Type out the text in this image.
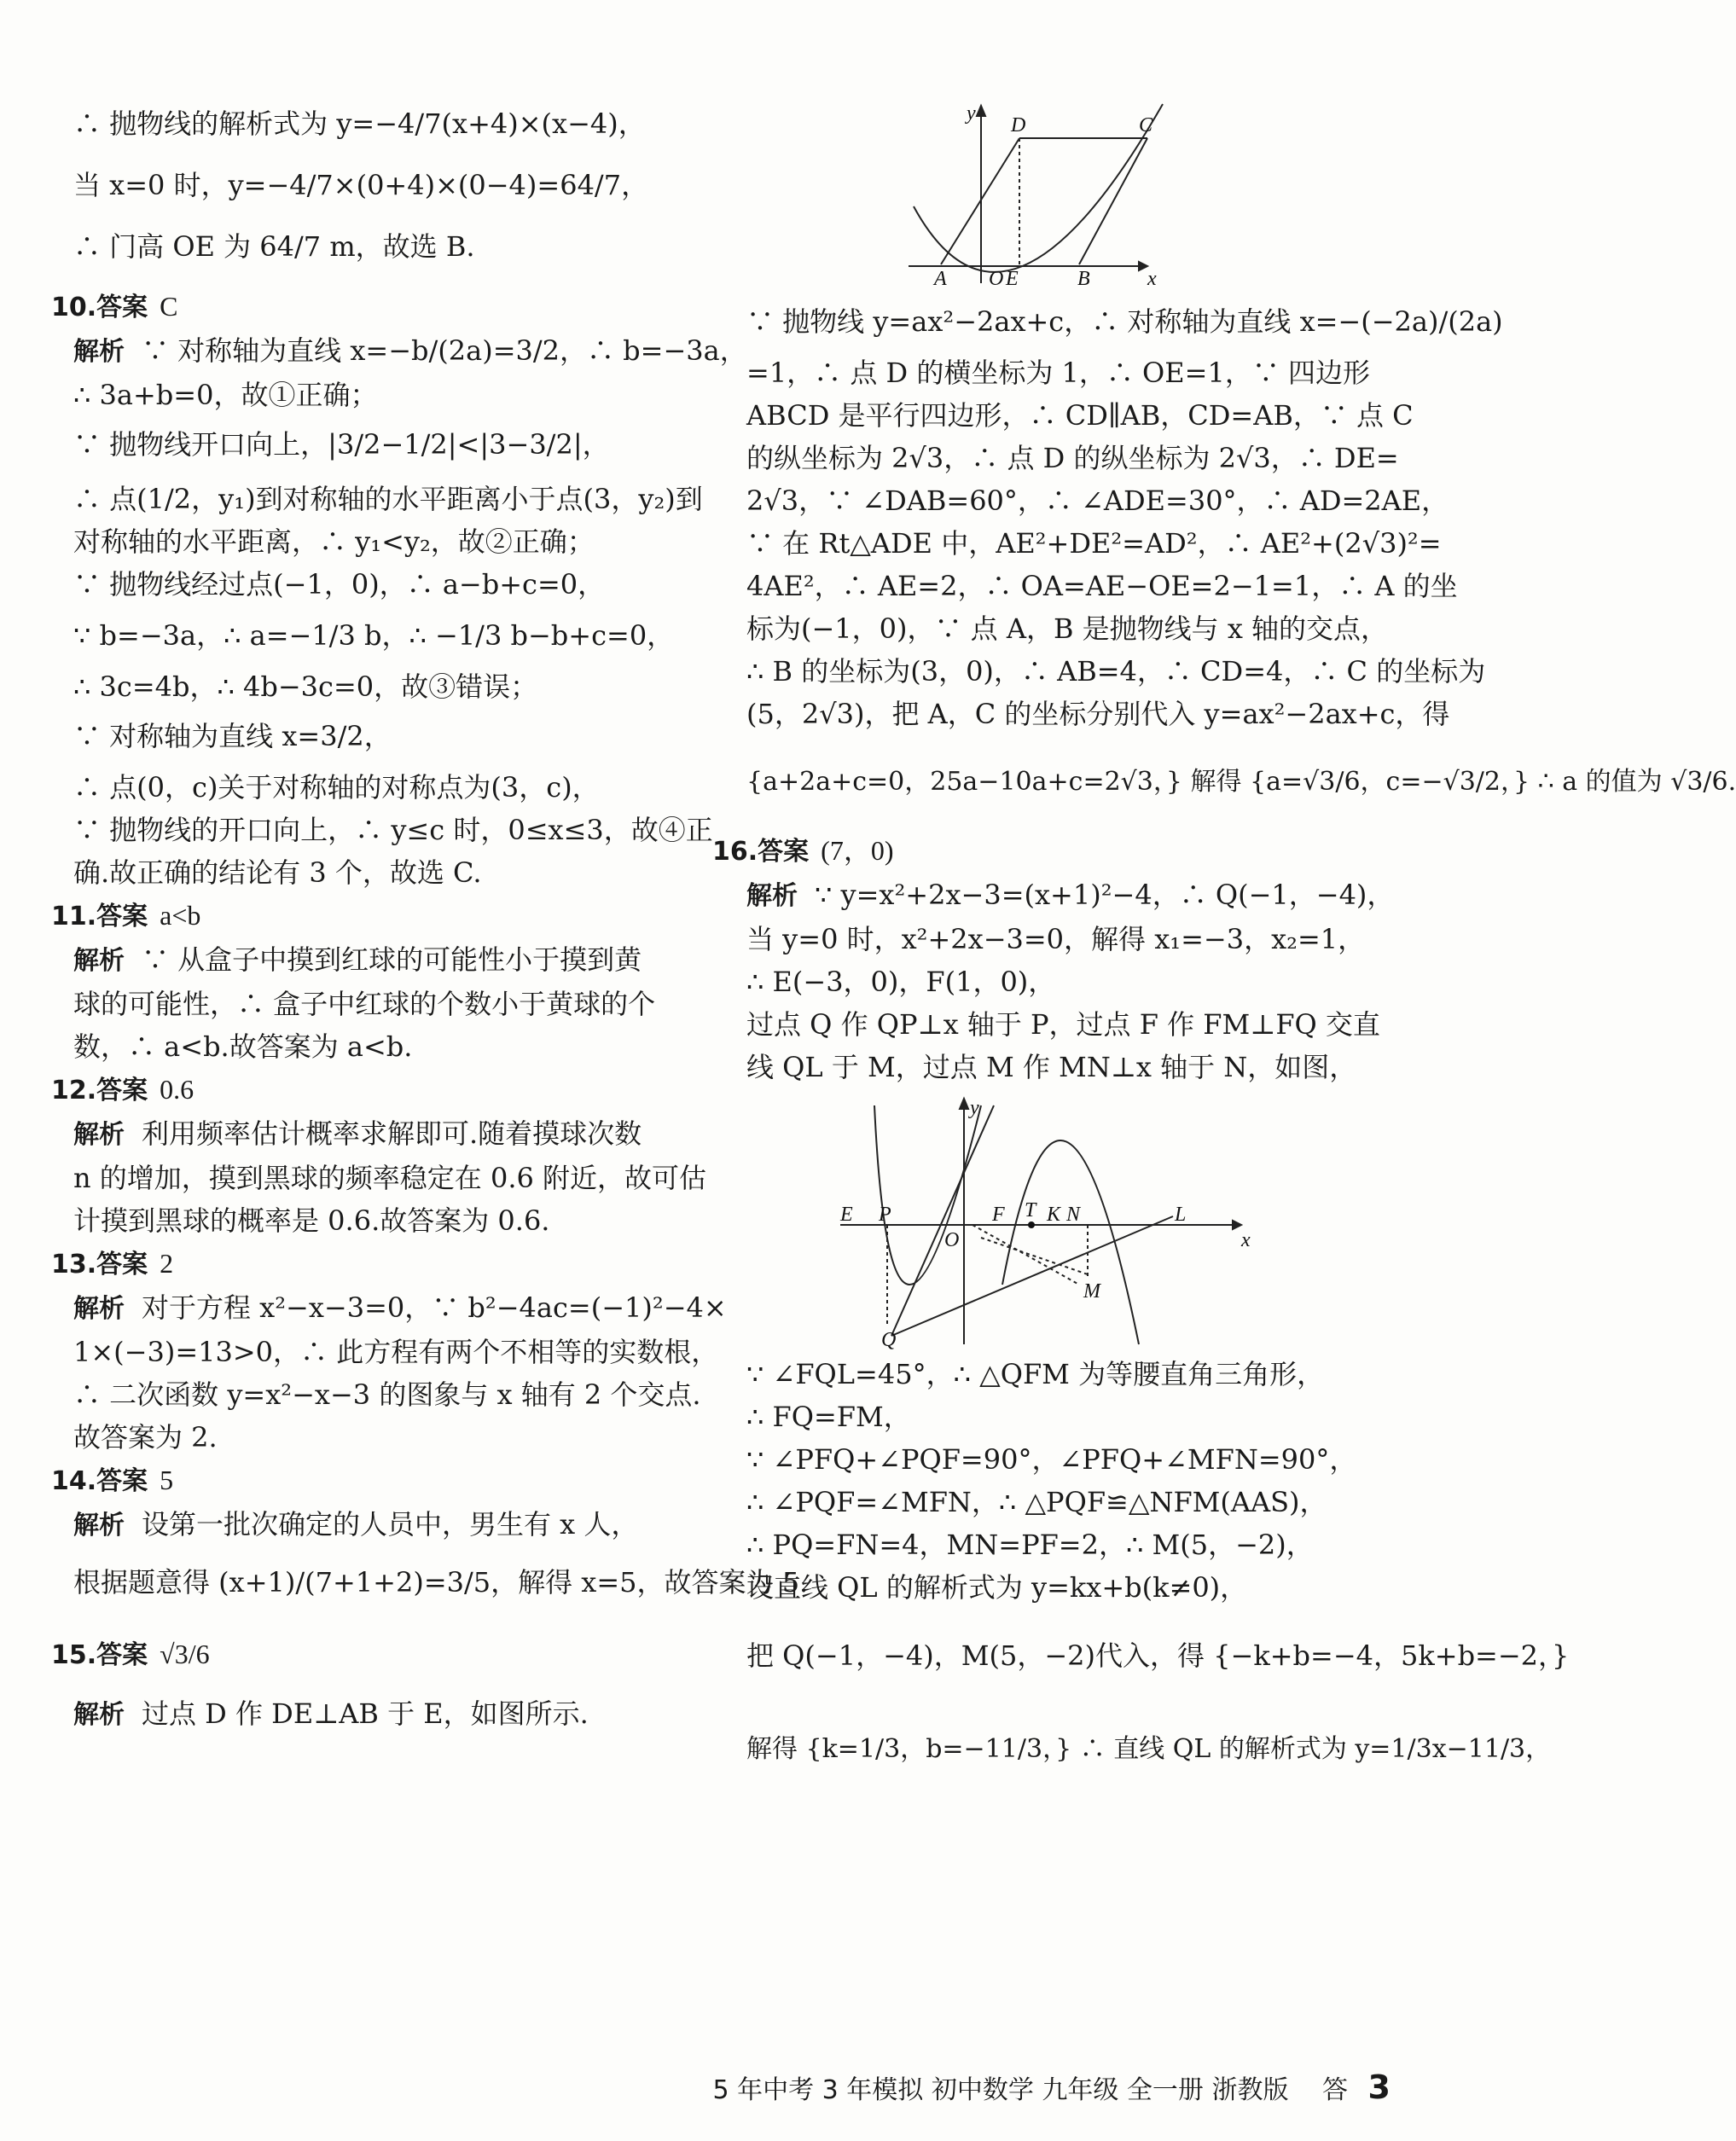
∴ 抛物线的解析式为 y=−4/7(x+4)×(x−4)，
当 x=0 时，y=−4/7×(0+4)×(0−4)=64/7，
∴ 门高 OE 为 64/7 m，故选 B.
10.答案 C
解析 ∵ 对称轴为直线 x=−b/(2a)=3/2，∴ b=−3a，
∴ 3a+b=0，故①正确；
∵ 抛物线开口向上，|3/2−1/2|<|3−3/2|，
∴ 点(1/2，y₁)到对称轴的水平距离小于点(3，y₂)到
对称轴的水平距离，∴ y₁<y₂，故②正确；
∵ 抛物线经过点(−1，0)，∴ a−b+c=0，
∵ b=−3a，∴ a=−1/3 b，∴ −1/3 b−b+c=0，
∴ 3c=4b，∴ 4b−3c=0，故③错误；
∵ 对称轴为直线 x=3/2，
∴ 点(0，c)关于对称轴的对称点为(3，c)，
∵ 抛物线的开口向上，∴ y≤c 时，0≤x≤3，故④正
确.故正确的结论有 3 个，故选 C.
11.答案 a<b
解析 ∵ 从盒子中摸到红球的可能性小于摸到黄
球的可能性，∴ 盒子中红球的个数小于黄球的个
数，∴ a<b.故答案为 a<b.
12.答案 0.6
解析 利用频率估计概率求解即可.随着摸球次数
n 的增加，摸到黑球的频率稳定在 0.6 附近，故可估
计摸到黑球的概率是 0.6.故答案为 0.6.
13.答案 2
解析 对于方程 x²−x−3=0，∵ b²−4ac=(−1)²−4×
1×(−3)=13>0，∴ 此方程有两个不相等的实数根，
∴ 二次函数 y=x²−x−3 的图象与 x 轴有 2 个交点.
故答案为 2.
14.答案 5
解析 设第一批次确定的人员中，男生有 x 人，
根据题意得 (x+1)/(7+1+2)=3/5，解得 x=5，故答案为 5.
15.答案 √3/6
解析 过点 D 作 DE⊥AB 于 E，如图所示.
y
x
D	C
A O E	B
∵ 抛物线 y=ax²−2ax+c，∴ 对称轴为直线 x=−(−2a)/(2a)
=1，∴ 点 D 的横坐标为 1，∴ OE=1，∵ 四边形
ABCD 是平行四边形，∴ CD∥AB，CD=AB，∵ 点 C
的纵坐标为 2√3，∴ 点 D 的纵坐标为 2√3，∴ DE=
2√3，∵ ∠DAB=60°，∴ ∠ADE=30°，∴ AD=2AE，
∵ 在 Rt△ADE 中，AE²+DE²=AD²，∴ AE²+(2√3)²=
4AE²，∴ AE=2，∴ OA=AE−OE=2−1=1，∴ A 的坐
标为(−1，0)，∵ 点 A，B 是抛物线与 x 轴的交点，
∴ B 的坐标为(3，0)，∴ AB=4，∴ CD=4，∴ C 的坐标为
(5，2√3)，把 A，C 的坐标分别代入 y=ax²−2ax+c，得
{a+2a+c=0，25a−10a+c=2√3，} 解得 {a=√3/6，c=−√3/2，} ∴ a 的值为 √3/6.
16.答案 (7，0)
解析 ∵ y=x²+2x−3=(x+1)²−4，∴ Q(−1，−4)，
当 y=0 时，x²+2x−3=0，解得 x₁=−3，x₂=1，
∴ E(−3，0)，F(1，0)，
过点 Q 作 QP⊥x 轴于 P，过点 F 作 FM⊥FQ 交直
线 QL 于 M，过点 M 作 MN⊥x 轴于 N，如图，
y
x
E P	F T K N	L
O
M
Q
∵ ∠FQL=45°，∴ △QFM 为等腰直角三角形，
∴ FQ=FM，
∵ ∠PFQ+∠PQF=90°，∠PFQ+∠MFN=90°，
∴ ∠PQF=∠MFN，∴ △PQF≌△NFM(AAS)，
∴ PQ=FN=4，MN=PF=2，∴ M(5，−2)，
设直线 QL 的解析式为 y=kx+b(k≠0)，
把 Q(−1，−4)，M(5，−2)代入，得 {−k+b=−4，5k+b=−2，}
解得 {k=1/3，b=−11/3，} ∴ 直线 QL 的解析式为 y=1/3x−11/3，
5 年中考 3 年模拟 初中数学 九年级 全一册 浙教版 答 3
